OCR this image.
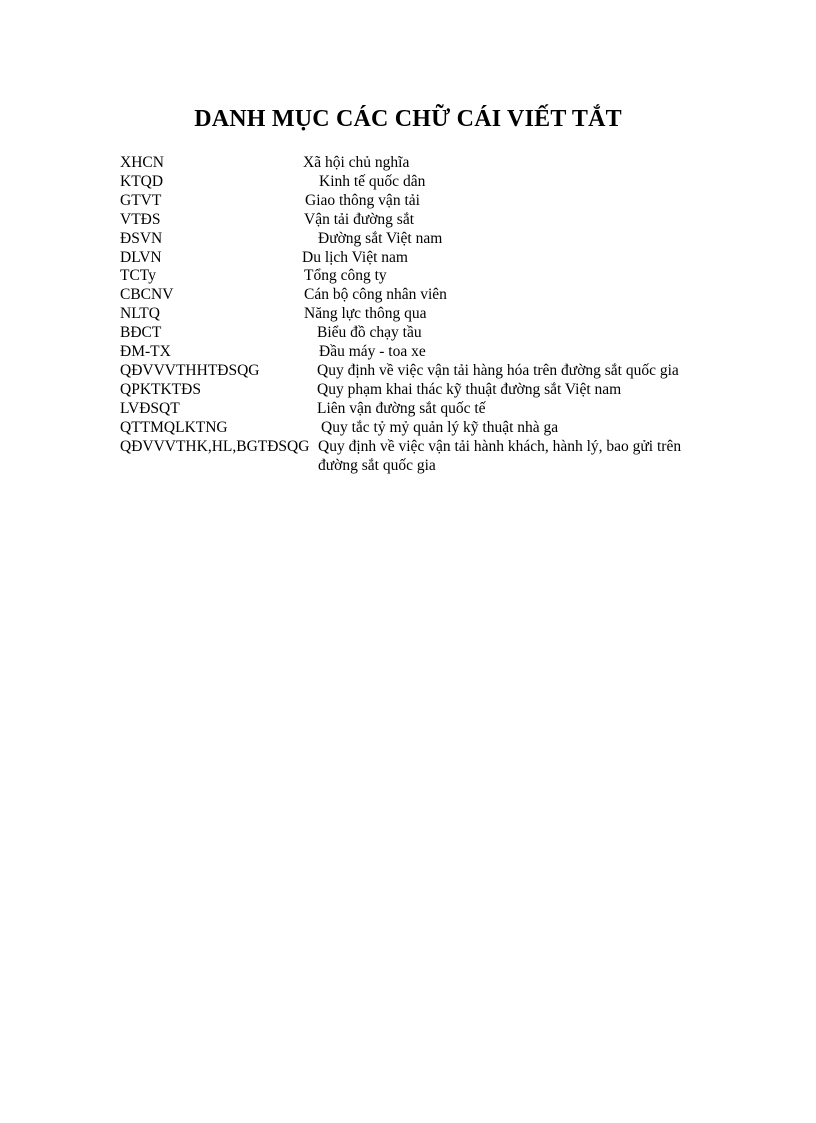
DANH MỤC CÁC CHỮ CÁI VIẾT TẮT
XHCN	Xã hội chủ nghĩa
KTQD	Kinh tế quốc dân
GTVT	Giao thông vận tải
VTĐS	Vận tải đường sắt
ĐSVN	Đường sắt Việt nam
DLVN	Du lịch Việt nam
TCTy	Tổng công ty
CBCNV	Cán bộ công nhân viên
NLTQ	Năng lực thông qua
BĐCT	Biểu đồ chạy tầu
ĐM-TX	Đầu máy - toa xe
QĐVVVTHHTĐSQG	Quy định về việc vận tải hàng hóa trên đường sắt quốc gia
QPKTKTĐS	Quy phạm khai thác kỹ thuật đường sắt Việt nam
LVĐSQT	Liên vận đường sắt quốc tế
QTTMQLKTNG	Quy tắc tỷ mỷ quản lý kỹ thuật nhà ga
QĐVVVTHK,HL,BGTĐSQG Quy định về việc vận tải hành khách, hành lý, bao gửi trên đường sắt quốc gia
